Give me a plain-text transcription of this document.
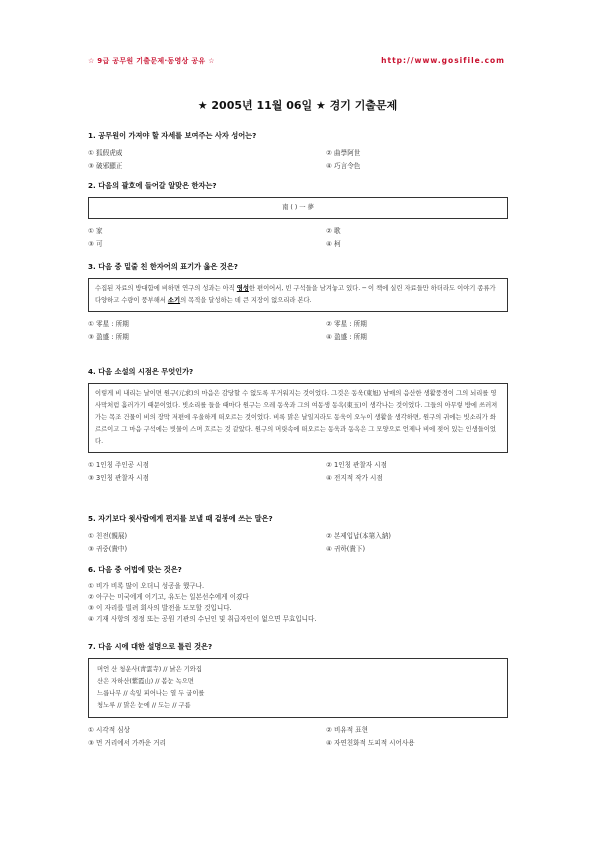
☆ 9급 공무원 기출문제·동영상 공유 ☆	http://www.gosifile.com
★ 2005년 11월 06일 ★ 경기 기출문제
1. 공무원이 가져야 할 자세를 보여주는 사자 성어는?
① 狐假虎威	② 曲學阿世
③ 破邪顯正	④ 巧言令色
2. 다음의 괄호에 들어갈 알맞은 한자는?
南 ( ) 一 夢
① 家	② 歌
③ 可	④ 柯
3. 다음 중 밑줄 친 한자어의 표기가 옳은 것은?
수집된 자료의 방대함에 비하면 연구의 성과는 아직 영성한 편이어서, 빈 구석들을 남겨놓고 있다. ─ 이 책에 실린 자료들만 하더라도 이야기 종류가 다양하고 수량이 풍부해서 소기의 목적을 달성하는 데 큰 지장이 없으리라 본다.
① 零星 : 所期	② 零星 : 所期
③ 盈盛 : 所期	④ 盈盛 : 所期
4. 다음 소설의 시점은 무엇인가?
이렇게 비 내리는 날이면 원구(元求)의 마음은 감당할 수 없도록 무거워지는 것이었다. 그것은 동욱(東旭) 남매의 음산한 생활풍경이 그의 뇌리를 영사막처럼 흘러가기 때문이었다. 빗소리를 들을 때마다 원구는 으레 동욱과 그의 여동생 동옥(東玉)이 생각나는 것이었다. 그들의 아무렇 방에 쓰러져 가는 목조 건물이 비의 장막 저편에 우울하게 떠오르는 것이었다. 비록 맑은 날일지라도 동욱이 오누이 생활을 생각하면, 원구의 귀에는 빗소리가 쏴르르이고 그 마음 구석에는 빗물이 스며 흐르는 것 같았다. 원구의 머릿속에 떠오르는 동욱과 동옥은 그 모양으로 언제나 비에 젖어 있는 인생들이었다.
① 1인칭 주인공 시점	② 1인칭 관찰자 시점
③ 3인칭 관찰자 시점	④ 전지적 작가 시점
5. 자기보다 윗사람에게 편지를 보낼 때 겉봉에 쓰는 말은?
① 친전(親展)	② 본제입납(本第入納)
③ 귀중(貴中)	④ 귀하(貴下)
6. 다음 중 어법에 맞는 것은?
① 비가 비록 많이 오더니 성공을 했구나.
② 아구는 미국에게 이기고, 유도는 일본선수에게 이겼다
③ 이 자리를 빌려 회사의 발전을 도모할 것입니다.
④ 기재 사항의 정정 또는 공원 기관의 수닌인 및 취급자인이 없으면 무효입니다.
7. 다음 시에 대한 설명으로 틀린 것은?
머언 산 청운사(靑雲寺) // 낡은 기와집
산은 자하산(紫霞山) // 봄눈 녹으면
느릅나무 // 속잎 피어나는 열 두 굽이를
청노루 // 맑은 눈에 // 도는 // 구름
① 시각적 심상	② 비유적 표현
③ 먼 거리에서 가까운 거리	④ 자연친화적 도피적 시어사용
